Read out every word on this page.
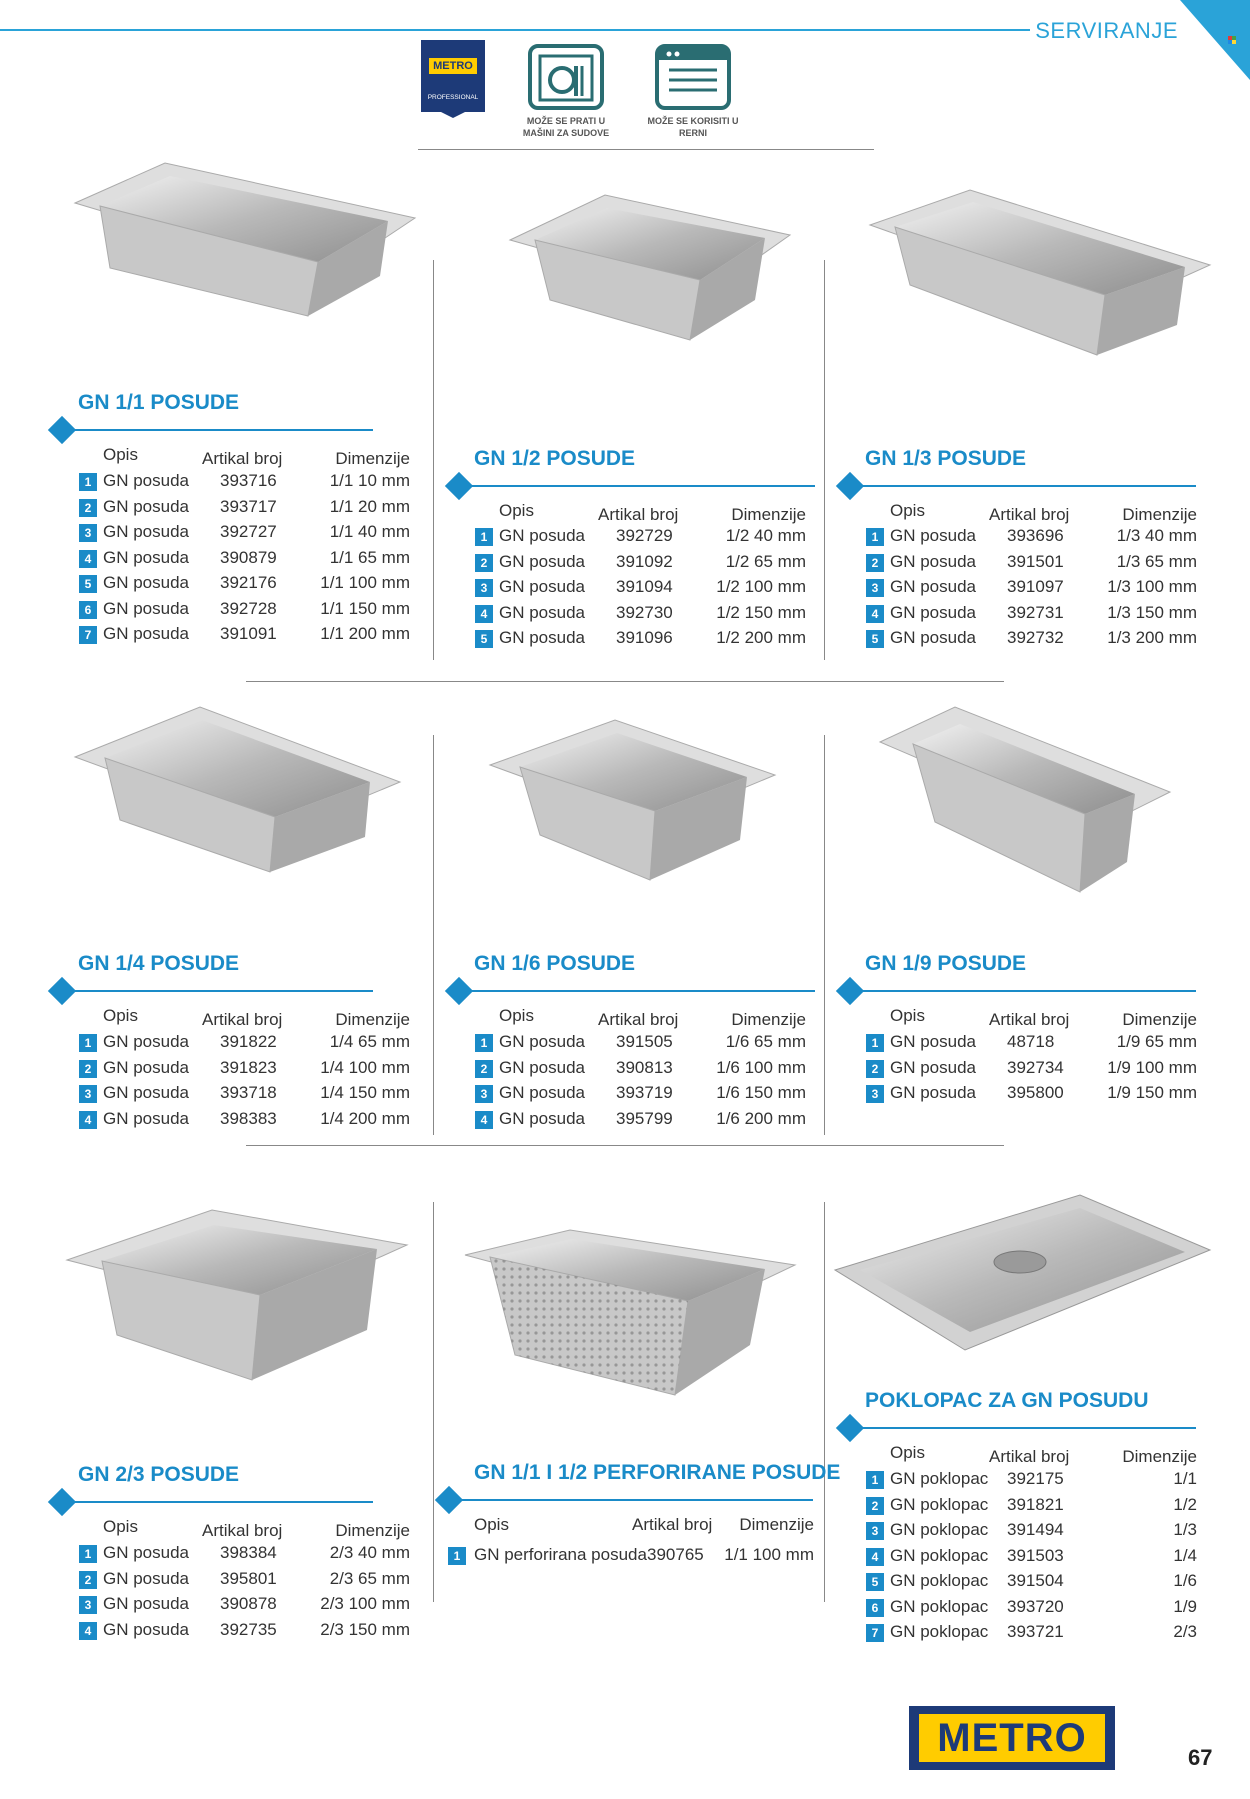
SERVIRANJE
METRO
PROFESSIONAL
MOŽE SE PRATI U MAŠINI ZA SUDOVE
MOŽE SE KORISITI U RERNI
GN 1/1 POSUDE
Opis	Artikal broj	Dimenzije
1 GN posuda 393716	1/1 10 mm
2 GN posuda 393717	1/1 20 mm
3 GN posuda 392727	1/1 40 mm
4 GN posuda 390879	1/1 65 mm
5 GN posuda 392176	1/1 100 mm
6 GN posuda 392728	1/1 150 mm
7 GN posuda 391091	1/1 200 mm
GN 1/2 POSUDE
Opis	Artikal broj	Dimenzije
1 GN posuda 392729	1/2 40 mm
2 GN posuda 391092	1/2 65 mm
3 GN posuda 391094	1/2 100 mm
4 GN posuda 392730	1/2 150 mm
5 GN posuda 391096	1/2 200 mm
GN 1/3 POSUDE
Opis	Artikal broj	Dimenzije
1 GN posuda 393696	1/3 40 mm
2 GN posuda 391501	1/3 65 mm
3 GN posuda 391097	1/3 100 mm
4 GN posuda 392731	1/3 150 mm
5 GN posuda 392732	1/3 200 mm
GN 1/4 POSUDE
Opis	Artikal broj	Dimenzije
1 GN posuda 391822	1/4 65 mm
2 GN posuda 391823	1/4 100 mm
3 GN posuda 393718	1/4 150 mm
4 GN posuda 398383	1/4 200 mm
GN 1/6 POSUDE
Opis	Artikal broj	Dimenzije
1 GN posuda 391505	1/6 65 mm
2 GN posuda 390813	1/6 100 mm
3 GN posuda 393719	1/6 150 mm
4 GN posuda 395799	1/6 200 mm
GN 1/9 POSUDE
Opis	Artikal broj	Dimenzije
1 GN posuda 48718	1/9 65 mm
2 GN posuda 392734	1/9 100 mm
3 GN posuda 395800	1/9 150 mm
GN 2/3 POSUDE
Opis	Artikal broj	Dimenzije
1 GN posuda 398384	2/3 40 mm
2 GN posuda 395801	2/3 65 mm
3 GN posuda 390878	2/3 100 mm
4 GN posuda 392735	2/3 150 mm
GN 1/1 I 1/2 PERFORIRANE POSUDE
Opis	Artikal broj	Dimenzije
1 GN perforirana posuda 390765	1/1 100 mm
POKLOPAC ZA GN POSUDU
Opis	Artikal broj	Dimenzije
1 GN poklopac 392175	1/1
2 GN poklopac 391821	1/2
3 GN poklopac 391494	1/3
4 GN poklopac 391503	1/4
5 GN poklopac 391504	1/6
6 GN poklopac 393720	1/9
7 GN poklopac 393721	2/3
METRO	67
